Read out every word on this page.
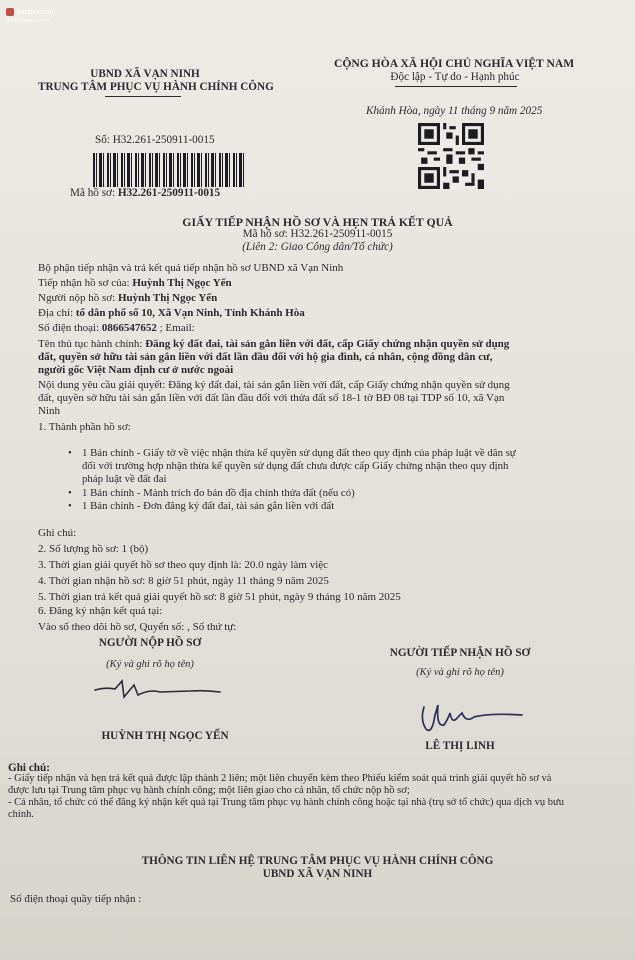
Batdongsan
Batdongsan.com.vn
UBND XÃ VẠN NINH
TRUNG TÂM PHỤC VỤ HÀNH CHÍNH CÔNG
CỘNG HÒA XÃ HỘI CHỦ NGHĨA VIỆT NAM
Độc lập - Tự do - Hạnh phúc
Khánh Hòa, ngày 11 tháng 9 năm 2025
Số: H32.261-250911-0015
Mã hồ sơ: H32.261-250911-0015
GIẤY TIẾP NHẬN HỒ SƠ VÀ HẸN TRẢ KẾT QUẢ
Mã hồ sơ: H32.261-250911-0015
(Liên 2: Giao Công dân/Tổ chức)
Bộ phận tiếp nhận và trả kết quả tiếp nhận hồ sơ UBND xã Vạn Ninh
Tiếp nhận hồ sơ của: Huỳnh Thị Ngọc Yến
Người nộp hồ sơ: Huỳnh Thị Ngọc Yến
Địa chỉ: tổ dân phố số 10, Xã Vạn Ninh, Tỉnh Khánh Hòa
Số điện thoại: 0866547652 ; Email:
Tên thủ tục hành chính: Đăng ký đất đai, tài sản gắn liền với đất, cấp Giấy chứng nhận quyền sử dụng
đất, quyền sở hữu tài sản gắn liền với đất lần đầu đối với hộ gia đình, cá nhân, cộng đồng dân cư,
người gốc Việt Nam định cư ở nước ngoài
Nội dung yêu cầu giải quyết: Đăng ký đất đai, tài sản gắn liền với đất, cấp Giấy chứng nhận quyền sử dụng
đất, quyền sở hữu tài sản gắn liền với đất lần đầu đối với thửa đất số 18-1 tờ BĐ 08 tại TDP số 10, xã Vạn
Ninh
1. Thành phần hồ sơ:
• 1 Bản chính - Giấy tờ về việc nhận thừa kế quyền sử dụng đất theo quy định của pháp luật về dân sự
đối với trường hợp nhận thừa kế quyền sử dụng đất chưa được cấp Giấy chứng nhận theo quy định
pháp luật về đất đai
• 1 Bản chính - Mảnh trích đo bản đồ địa chính thửa đất (nếu có)
• 1 Bản chính - Đơn đăng ký đất đai, tài sản gắn liền với đất
Ghi chú:
2. Số lượng hồ sơ: 1 (bộ)
3. Thời gian giải quyết hồ sơ theo quy định là: 20.0 ngày làm việc
4. Thời gian nhận hồ sơ: 8 giờ 51 phút, ngày 11 tháng 9 năm 2025
5. Thời gian trả kết quả giải quyết hồ sơ: 8 giờ 51 phút, ngày 9 tháng 10 năm 2025
6. Đăng ký nhận kết quả tại:
Vào sổ theo dõi hồ sơ, Quyển số: , Số thứ tự:
NGƯỜI NỘP HỒ SƠ
(Ký và ghi rõ họ tên)
HUỲNH THỊ NGỌC YẾN
NGƯỜI TIẾP NHẬN HỒ SƠ
(Ký và ghi rõ họ tên)
LÊ THỊ LINH
Ghi chú:
- Giấy tiếp nhận và hẹn trả kết quả được lập thành 2 liên; một liên chuyển kèm theo Phiếu kiểm soát quá trình giải quyết hồ sơ và
được lưu tại Trung tâm phục vụ hành chính công; một liên giao cho cá nhân, tổ chức nộp hồ sơ;
- Cá nhân, tổ chức có thể đăng ký nhận kết quả tại Trung tâm phục vụ hành chính công hoặc tại nhà (trụ sở tổ chức) qua dịch vụ bưu
chính.
THÔNG TIN LIÊN HỆ TRUNG TÂM PHỤC VỤ HÀNH CHÍNH CÔNG
UBND XÃ VẠN NINH
Số điện thoại quầy tiếp nhận :
